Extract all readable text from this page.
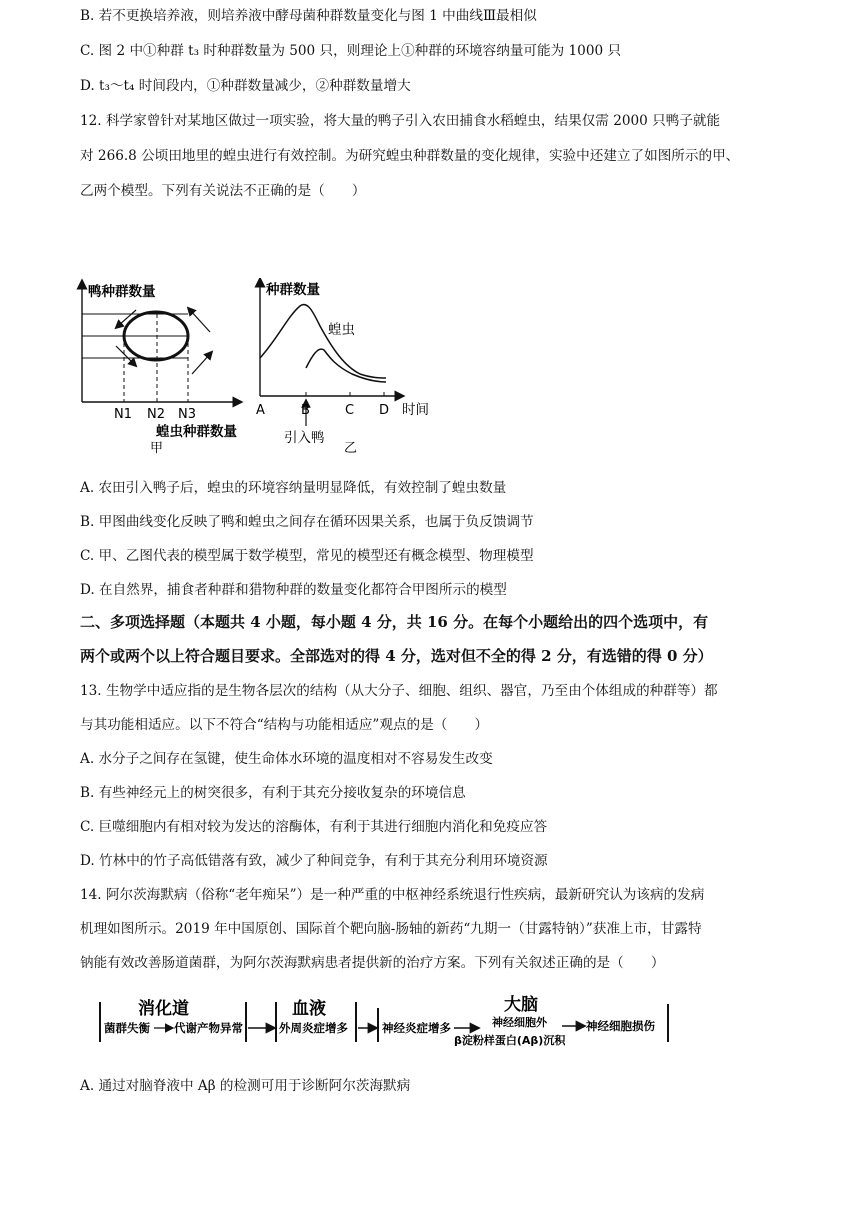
B. 若不更换培养液，则培养液中酵母菌种群数量变化与图 1 中曲线Ⅲ最相似
C. 图 2 中①种群 t₃ 时种群数量为 500 只，则理论上①种群的环境容纳量可能为 1000 只
D. t₃～t₄ 时间段内，①种群数量减少，②种群数量增大
12. 科学家曾针对某地区做过一项实验，将大量的鸭子引入农田捕食水稻蝗虫，结果仅需 2000 只鸭子就能
对 266.8 公顷田地里的蝗虫进行有效控制。为研究蝗虫种群数量的变化规律，实验中还建立了如图所示的甲、
乙两个模型。下列有关说法不正确的是（　　）
鸭种群数量
N1 N2 N3
蝗虫种群数量
甲
种群数量
蝗虫
A	B	C D 时间
引入鸭
乙
A. 农田引入鸭子后，蝗虫的环境容纳量明显降低，有效控制了蝗虫数量
B. 甲图曲线变化反映了鸭和蝗虫之间存在循环因果关系，也属于负反馈调节
C. 甲、乙图代表的模型属于数学模型，常见的模型还有概念模型、物理模型
D. 在自然界，捕食者种群和猎物种群的数量变化都符合甲图所示的模型
二、多项选择题（本题共 4 小题，每小题 4 分，共 16 分。在每个小题给出的四个选项中，有
两个或两个以上符合题目要求。全部选对的得 4 分，选对但不全的得 2 分，有选错的得 0 分）
13. 生物学中适应指的是生物各层次的结构（从大分子、细胞、组织、器官，乃至由个体组成的种群等）都
与其功能相适应。以下不符合“结构与功能相适应”观点的是（　　）
A. 水分子之间存在氢键，使生命体水环境的温度相对不容易发生改变
B. 有些神经元上的树突很多，有利于其充分接收复杂的环境信息
C. 巨噬细胞内有相对较为发达的溶酶体，有利于其进行细胞内消化和免疫应答
D. 竹林中的竹子高低错落有致，减少了种间竞争，有利于其充分利用环境资源
14. 阿尔茨海默病（俗称“老年痴呆”）是一种严重的中枢神经系统退行性疾病，最新研究认为该病的发病
机理如图所示。2019 年中国原创、国际首个靶向脑-肠轴的新药“九期一（甘露特钠）”获准上市，甘露特
钠能有效改善肠道菌群，为阿尔茨海默病患者提供新的治疗方案。下列有关叙述正确的是（　　）
消化道
菌群失衡 代谢产物异常
血液
外周炎症增多	神经炎症增多
大脑
神经细胞外
β淀粉样蛋白(Aβ)沉积
神经细胞损伤
A. 通过对脑脊液中 Aβ 的检测可用于诊断阿尔茨海默病
